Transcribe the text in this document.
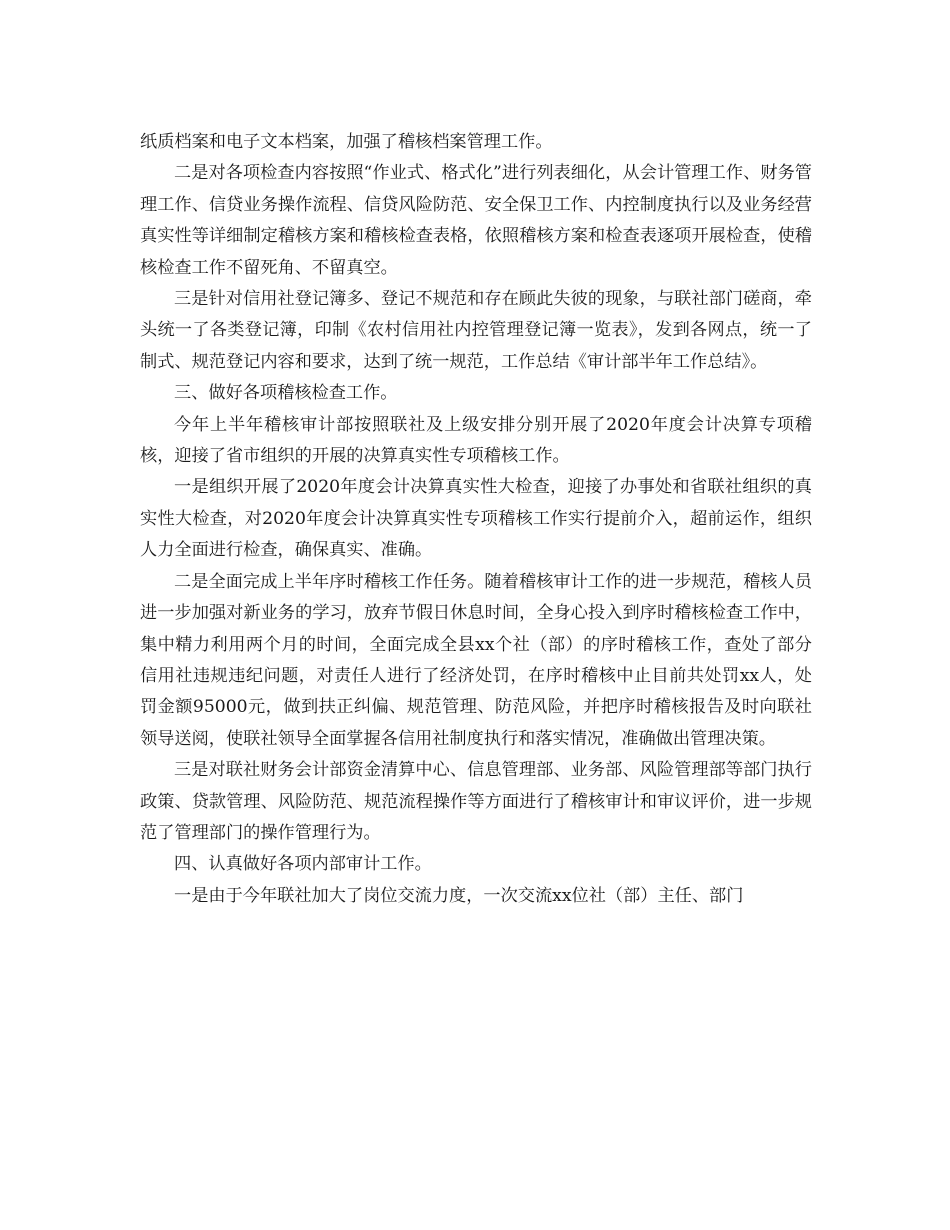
纸质档案和电子文本档案，加强了稽核档案管理工作。

二是对各项检查内容按照“作业式、格式化”进行列表细化，从会计管理工作、财务管理工作、信贷业务操作流程、信贷风险防范、安全保卫工作、内控制度执行以及业务经营真实性等详细制定稽核方案和稽核检查表格，依照稽核方案和检查表逐项开展检查，使稽核检查工作不留死角、不留真空。

三是针对信用社登记簿多、登记不规范和存在顾此失彼的现象，与联社部门磋商，牵头统一了各类登记簿，印制《农村信用社内控管理登记簿一览表》，发到各网点，统一了制式、规范登记内容和要求，达到了统一规范，工作总结《审计部半年工作总结》。

三、做好各项稽核检查工作。

今年上半年稽核审计部按照联社及上级安排分别开展了2020年度会计决算专项稽核，迎接了省市组织的开展的决算真实性专项稽核工作。

一是组织开展了2020年度会计决算真实性大检查，迎接了办事处和省联社组织的真实性大检查，对2020年度会计决算真实性专项稽核工作实行提前介入，超前运作，组织人力全面进行检查，确保真实、准确。

二是全面完成上半年序时稽核工作任务。随着稽核审计工作的进一步规范，稽核人员进一步加强对新业务的学习，放弃节假日休息时间，全身心投入到序时稽核检查工作中，集中精力利用两个月的时间，全面完成全县xx个社（部）的序时稽核工作，查处了部分信用社违规违纪问题，对责任人进行了经济处罚，在序时稽核中止目前共处罚xx人，处罚金额95000元，做到扶正纠偏、规范管理、防范风险，并把序时稽核报告及时向联社领导送阅，使联社领导全面掌握各信用社制度执行和落实情况，准确做出管理决策。

三是对联社财务会计部资金清算中心、信息管理部、业务部、风险管理部等部门执行政策、贷款管理、风险防范、规范流程操作等方面进行了稽核审计和审议评价，进一步规范了管理部门的操作管理行为。

四、认真做好各项内部审计工作。

一是由于今年联社加大了岗位交流力度，一次交流xx位社（部）主任、部门
